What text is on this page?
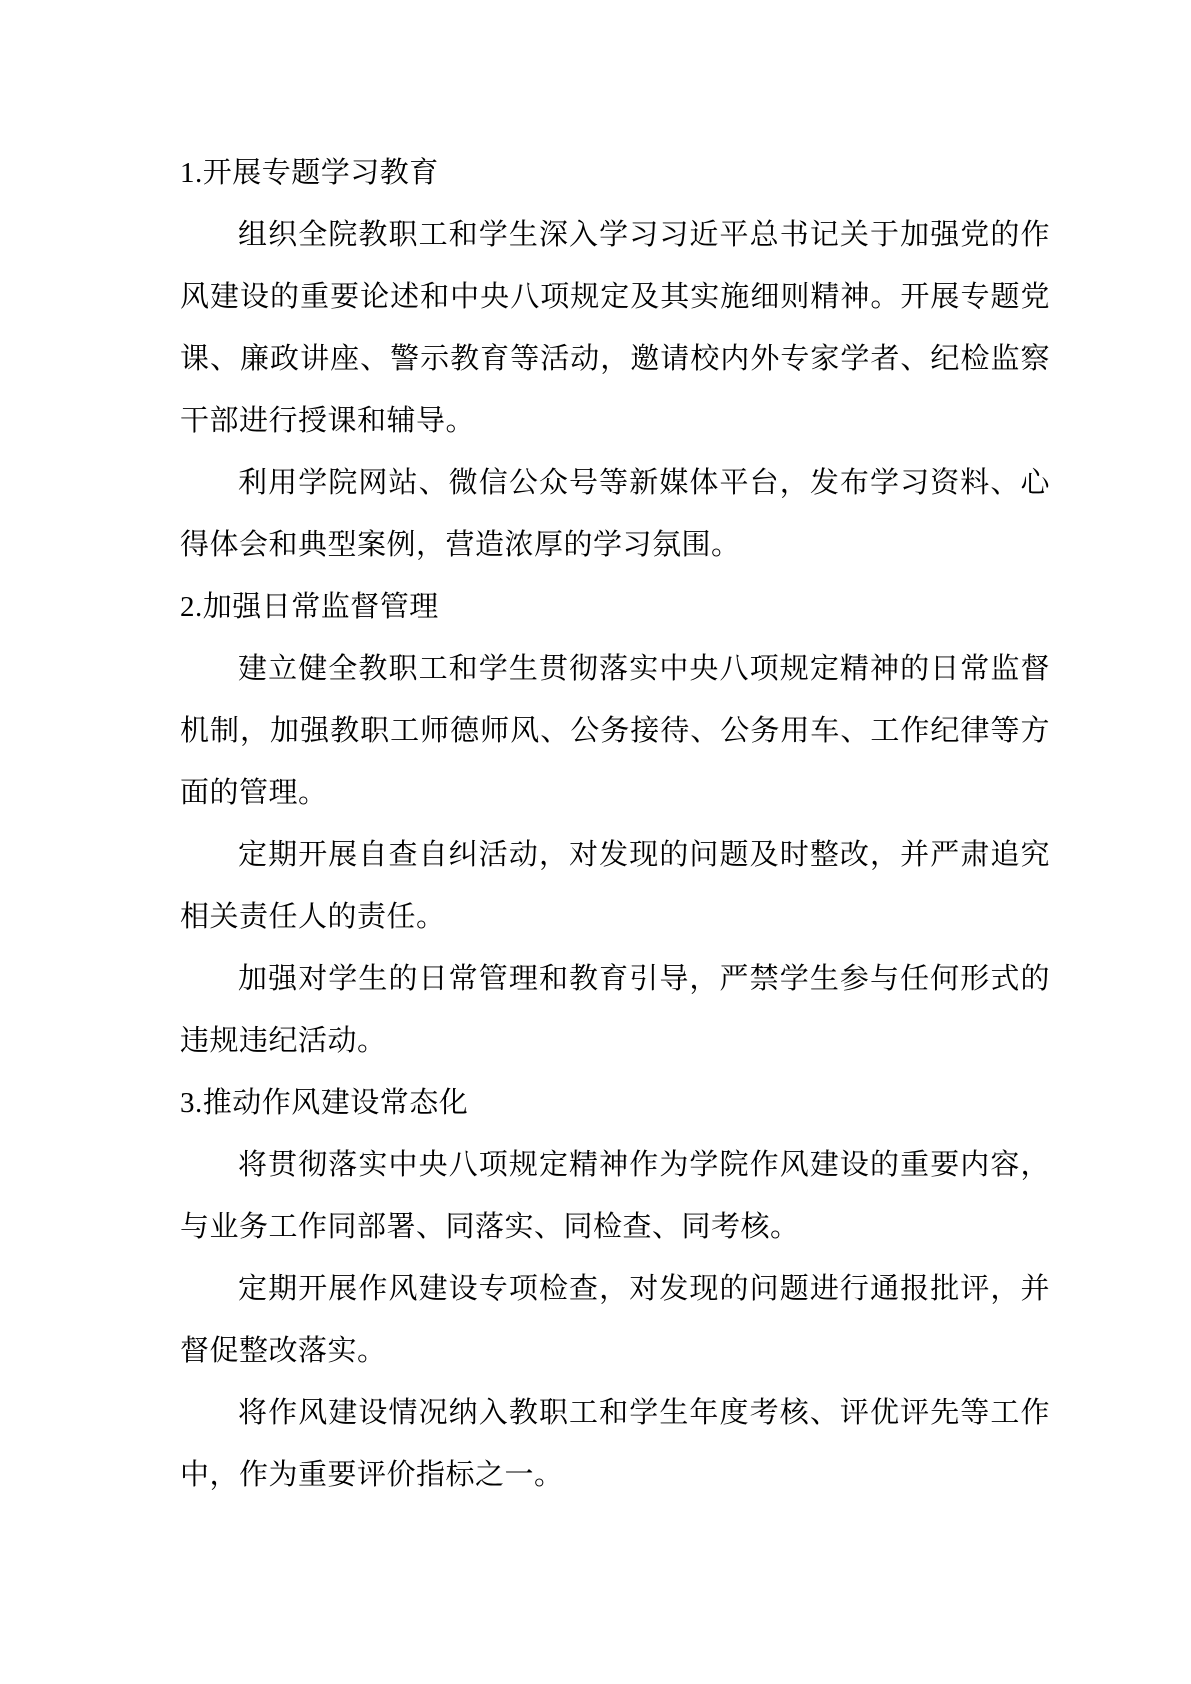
1.开展专题学习教育

组织全院教职工和学生深入学习习近平总书记关于加强党的作风建设的重要论述和中央八项规定及其实施细则精神。开展专题党课、廉政讲座、警示教育等活动，邀请校内外专家学者、纪检监察干部进行授课和辅导。

利用学院网站、微信公众号等新媒体平台，发布学习资料、心得体会和典型案例，营造浓厚的学习氛围。

2.加强日常监督管理

建立健全教职工和学生贯彻落实中央八项规定精神的日常监督机制，加强教职工师德师风、公务接待、公务用车、工作纪律等方面的管理。

定期开展自查自纠活动，对发现的问题及时整改，并严肃追究相关责任人的责任。

加强对学生的日常管理和教育引导，严禁学生参与任何形式的违规违纪活动。

3.推动作风建设常态化

将贯彻落实中央八项规定精神作为学院作风建设的重要内容，与业务工作同部署、同落实、同检查、同考核。

定期开展作风建设专项检查，对发现的问题进行通报批评，并督促整改落实。

将作风建设情况纳入教职工和学生年度考核、评优评先等工作中，作为重要评价指标之一。
